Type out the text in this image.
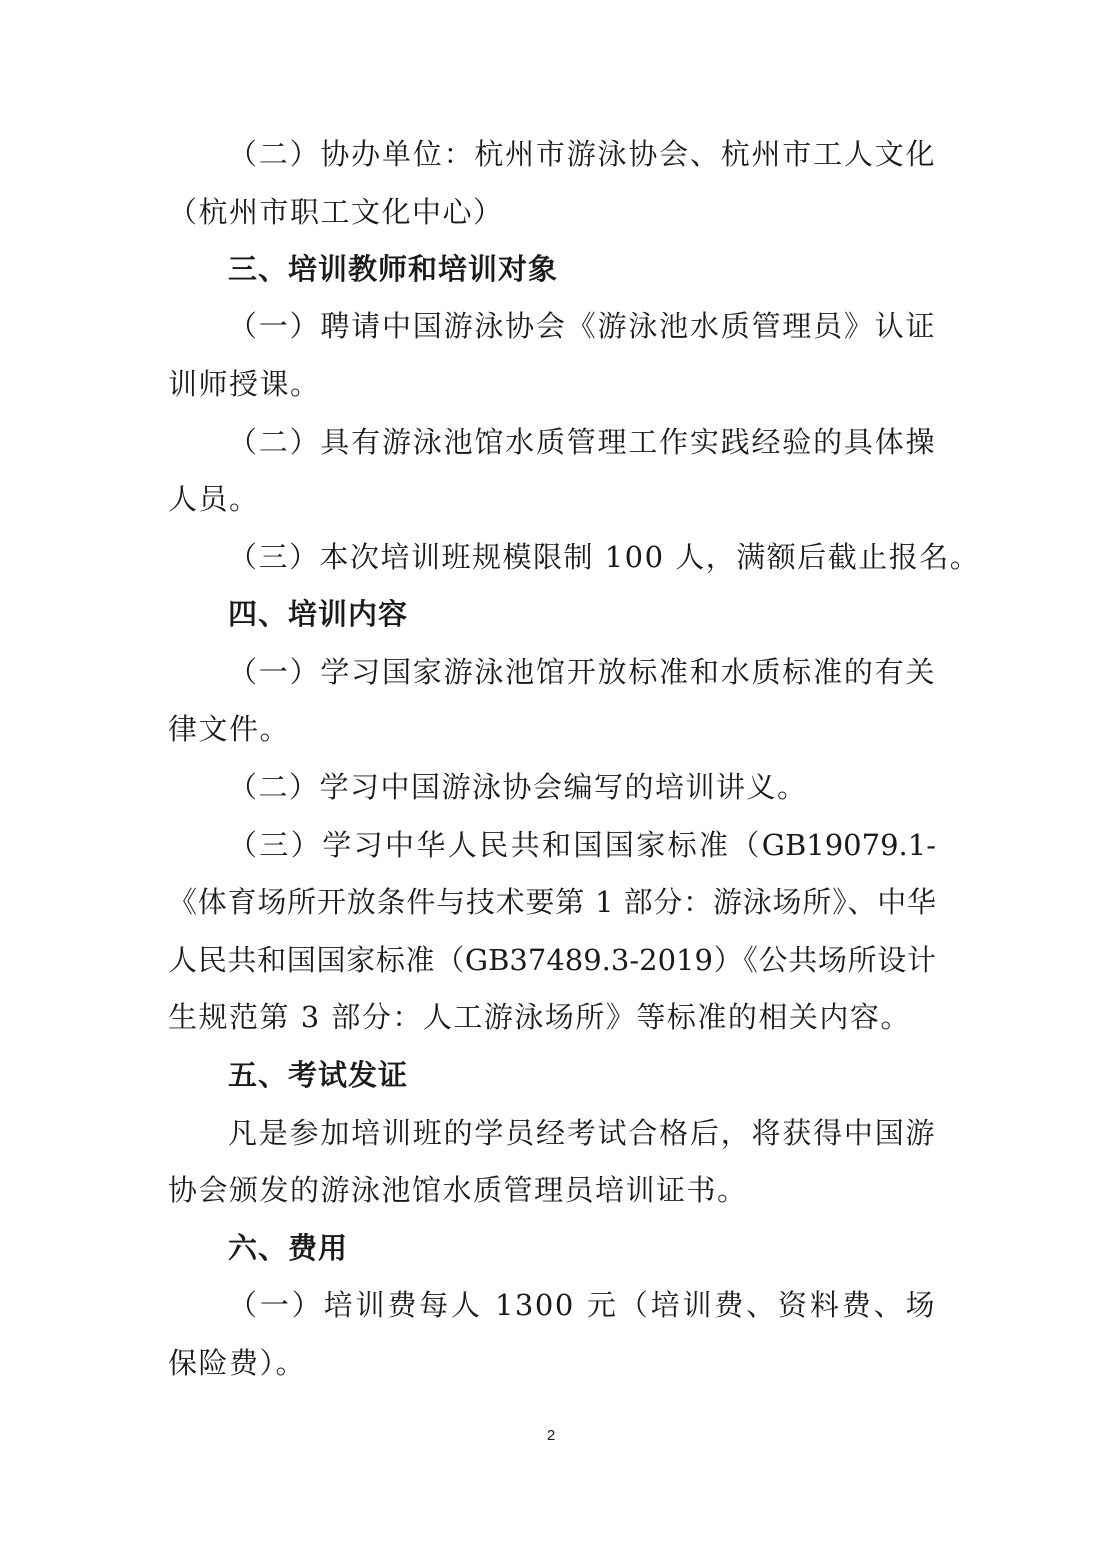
（二）协办单位：杭州市游泳协会、杭州市工人文化
（杭州市职工文化中心）
三、培训教师和培训对象
（一）聘请中国游泳协会《游泳池水质管理员》认证
训师授课。
（二）具有游泳池馆水质管理工作实践经验的具体操
人员。
（三）本次培训班规模限制 100 人，满额后截止报名。
四、培训内容
（一）学习国家游泳池馆开放标准和水质标准的有关
律文件。
（二）学习中国游泳协会编写的培训讲义。
（三）学习中华人民共和国国家标准（GB19079.1-
《体育场所开放条件与技术要第 1 部分：游泳场所》、中华
人民共和国国家标准（GB37489.3-2019）《公共场所设计
生规范第 3 部分：人工游泳场所》等标准的相关内容。
五、考试发证
凡是参加培训班的学员经考试合格后，将获得中国游
协会颁发的游泳池馆水质管理员培训证书。
六、费用
（一）培训费每人 1300 元（培训费、资料费、场
保险费）。
2
